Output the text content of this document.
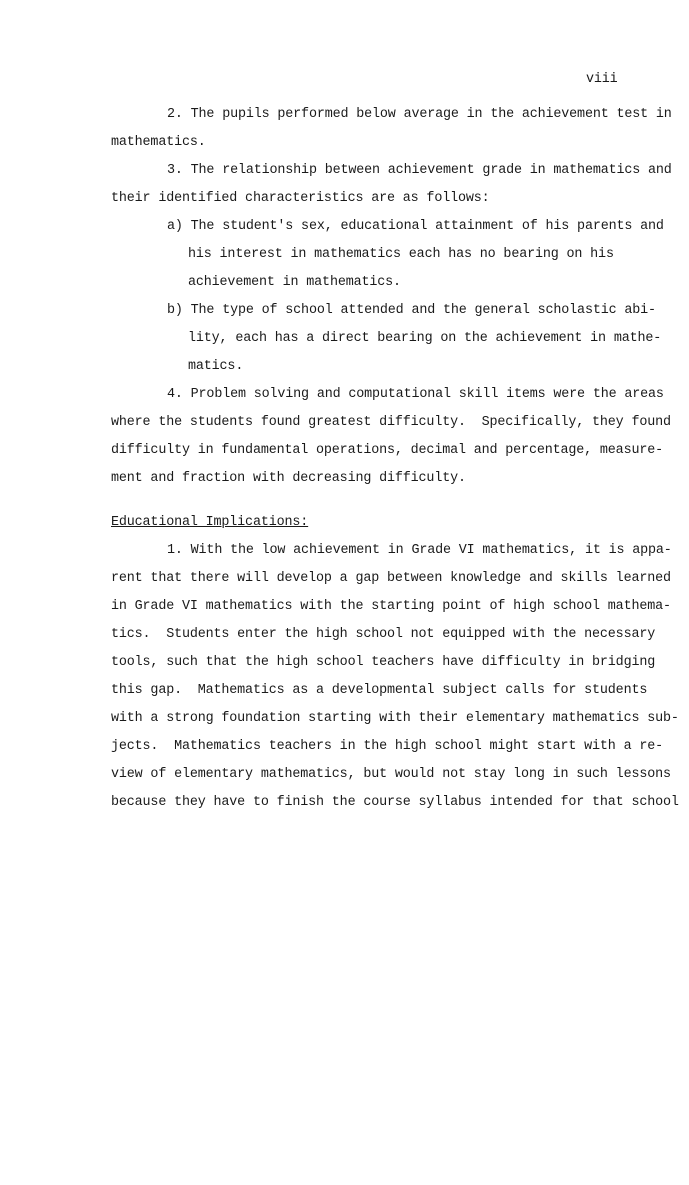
viii

2. The pupils performed below average in the achievement test in

mathematics.

3. The relationship between achievement grade in mathematics and

their identified characteristics are as follows:

a) The student's sex, educational attainment of his parents and

his interest in mathematics each has no bearing on his

achievement in mathematics.

b) The type of school attended and the general scholastic abi-

lity, each has a direct bearing on the achievement in mathe-

matics.

4. Problem solving and computational skill items were the areas

where the students found greatest difficulty.  Specifically, they found

difficulty in fundamental operations, decimal and percentage, measure-

ment and fraction with decreasing difficulty.

Educational Implications:

1. With the low achievement in Grade VI mathematics, it is appa-

rent that there will develop a gap between knowledge and skills learned

in Grade VI mathematics with the starting point of high school mathema-

tics.  Students enter the high school not equipped with the necessary

tools, such that the high school teachers have difficulty in bridging

this gap.  Mathematics as a developmental subject calls for students

with a strong foundation starting with their elementary mathematics sub-

jects.  Mathematics teachers in the high school might start with a re-

view of elementary mathematics, but would not stay long in such lessons

because they have to finish the course syllabus intended for that school
